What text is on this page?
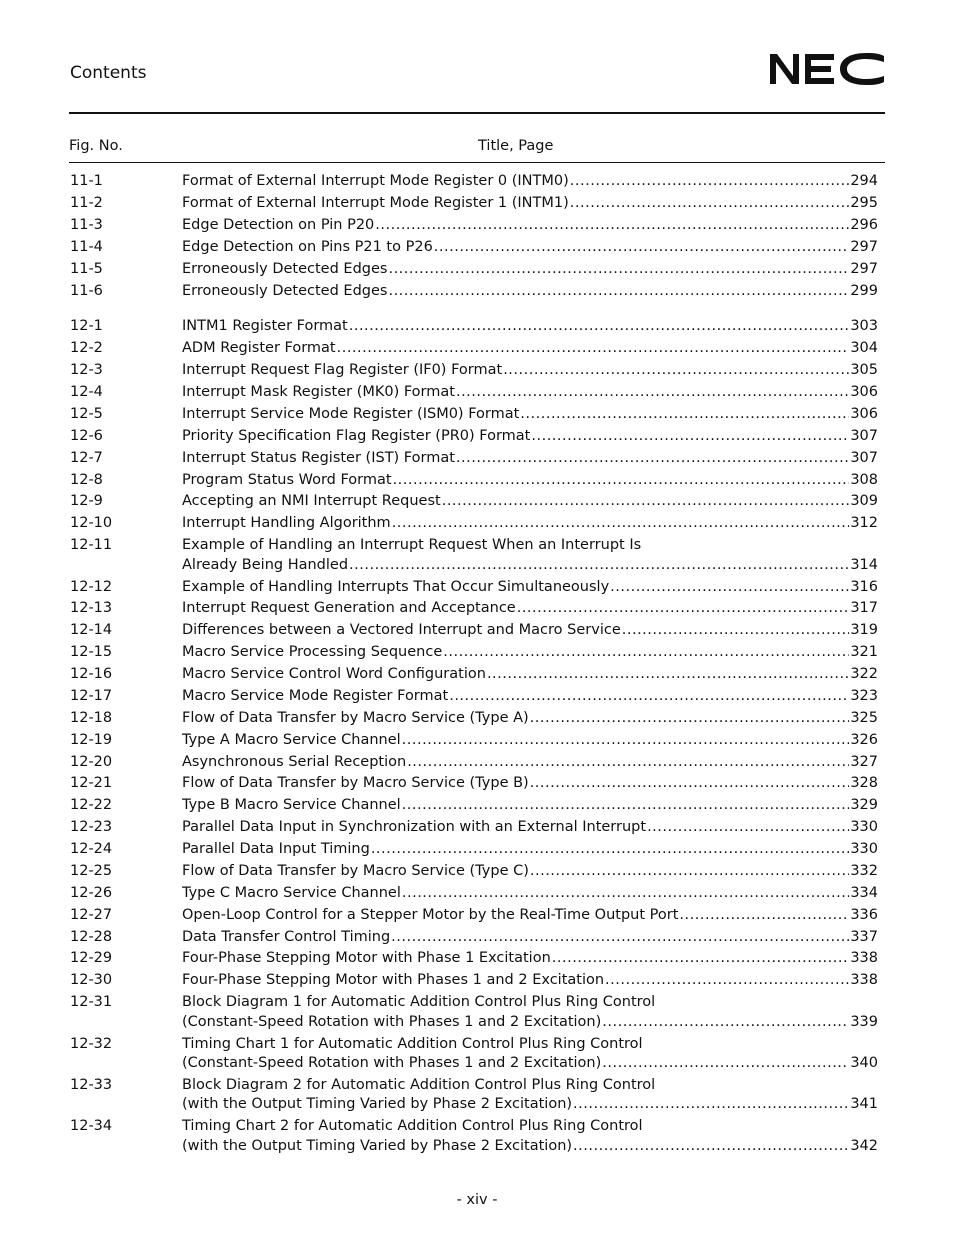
Contents
Fig. No.	Title, Page
11-1	Format of External Interrupt Mode Register 0 (INTM0) .....	294
11-2	Format of External Interrupt Mode Register 1 (INTM1) .....	295
11-3	Edge Detection on Pin P20 .....	296
11-4	Edge Detection on Pins P21 to P26 .....	297
11-5	Erroneously Detected Edges .....	297
11-6	Erroneously Detected Edges .....	299
12-1	INTM1 Register Format .....	303
12-2	ADM Register Format .....	304
12-3	Interrupt Request Flag Register (IF0) Format .....	305
12-4	Interrupt Mask Register (MK0) Format .....	306
12-5	Interrupt Service Mode Register (ISM0) Format .....	306
12-6	Priority Specification Flag Register (PR0) Format .....	307
12-7	Interrupt Status Register (IST) Format .....	307
12-8	Program Status Word Format .....	308
12-9	Accepting an NMI Interrupt Request .....	309
12-10	Interrupt Handling Algorithm .....	312
12-11	Example of Handling an Interrupt Request When an Interrupt Is
Already Being Handled .....	314
12-12	Example of Handling Interrupts That Occur Simultaneously .....	316
12-13	Interrupt Request Generation and Acceptance .....	317
12-14	Differences between a Vectored Interrupt and Macro Service .....	319
12-15	Macro Service Processing Sequence .....	321
12-16	Macro Service Control Word Configuration .....	322
12-17	Macro Service Mode Register Format .....	323
12-18	Flow of Data Transfer by Macro Service (Type A) .....	325
12-19	Type A Macro Service Channel .....	326
12-20	Asynchronous Serial Reception .....	327
12-21	Flow of Data Transfer by Macro Service (Type B) .....	328
12-22	Type B Macro Service Channel .....	329
12-23	Parallel Data Input in Synchronization with an External Interrupt .....	330
12-24	Parallel Data Input Timing .....	330
12-25	Flow of Data Transfer by Macro Service (Type C) .....	332
12-26	Type C Macro Service Channel .....	334
12-27	Open-Loop Control for a Stepper Motor by the Real-Time Output Port .....	336
12-28	Data Transfer Control Timing .....	337
12-29	Four-Phase Stepping Motor with Phase 1 Excitation .....	338
12-30	Four-Phase Stepping Motor with Phases 1 and 2 Excitation .....	338
12-31	Block Diagram 1 for Automatic Addition Control Plus Ring Control
(Constant-Speed Rotation with Phases 1 and 2 Excitation) .....	339
12-32	Timing Chart 1 for Automatic Addition Control Plus Ring Control
(Constant-Speed Rotation with Phases 1 and 2 Excitation) .....	340
12-33	Block Diagram 2 for Automatic Addition Control Plus Ring Control
(with the Output Timing Varied by Phase 2 Excitation) .....	341
12-34	Timing Chart 2 for Automatic Addition Control Plus Ring Control
(with the Output Timing Varied by Phase 2 Excitation) .....	342
- xiv -
